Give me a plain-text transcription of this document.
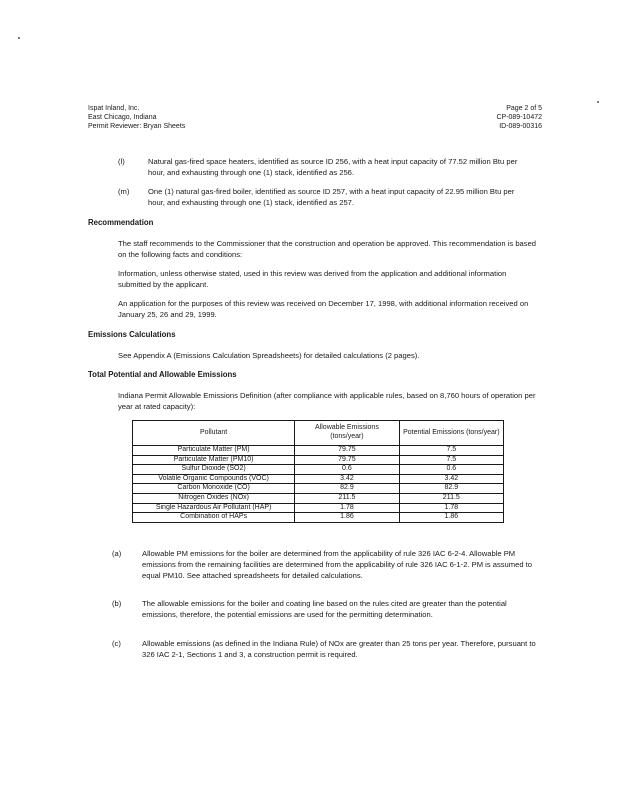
Ispat Inland, Inc.
East Chicago, Indiana
Permit Reviewer: Bryan Sheets
Page 2 of 5
CP-089-10472
ID-089-00316
(l)	Natural gas-fired space heaters, identified as source ID 256, with a heat input capacity of 77.52 million Btu per hour, and exhausting through one (1) stack, identified as 256.
(m)	One (1) natural gas-fired boiler, identified as source ID 257, with a heat input capacity of 22.95 million Btu per hour, and exhausting through one (1) stack, identified as 257.
Recommendation
The staff recommends to the Commissioner that the construction and operation be approved. This recommendation is based on the following facts and conditions:
Information, unless otherwise stated, used in this review was derived from the application and additional information submitted by the applicant.
An application for the purposes of this review was received on December 17, 1998, with additional information received on January 25, 26 and 29, 1999.
Emissions Calculations
See Appendix A (Emissions Calculation Spreadsheets) for detailed calculations (2 pages).
Total Potential and Allowable Emissions
Indiana Permit Allowable Emissions Definition (after compliance with applicable rules, based on 8,760 hours of operation per year at rated capacity):
Pollutant	Allowable Emissions (tons/year)	Potential Emissions (tons/year)
Particulate Matter (PM)	79.75	7.5
Particulate Matter (PM10)	79.75	7.5
Sulfur Dioxide (SO2)	0.6	0.6
Volatile Organic Compounds (VOC)	3.42	3.42
Carbon Monoxide (CO)	82.9	82.9
Nitrogen Oxides (NOx)	211.5	211.5
Single Hazardous Air Pollutant (HAP)	1.78	1.78
Combination of HAPs	1.86	1.86
(a)	Allowable PM emissions for the boiler are determined from the applicability of rule 326 IAC 6-2-4. Allowable PM emissions from the remaining facilities are determined from the applicability of rule 326 IAC 6-1-2. PM is assumed to equal PM10. See attached spreadsheets for detailed calculations.
(b)	The allowable emissions for the boiler and coating line based on the rules cited are greater than the potential emissions, therefore, the potential emissions are used for the permitting determination.
(c)	Allowable emissions (as defined in the Indiana Rule) of NOx are greater than 25 tons per year. Therefore, pursuant to 326 IAC 2-1, Sections 1 and 3, a construction permit is required.
